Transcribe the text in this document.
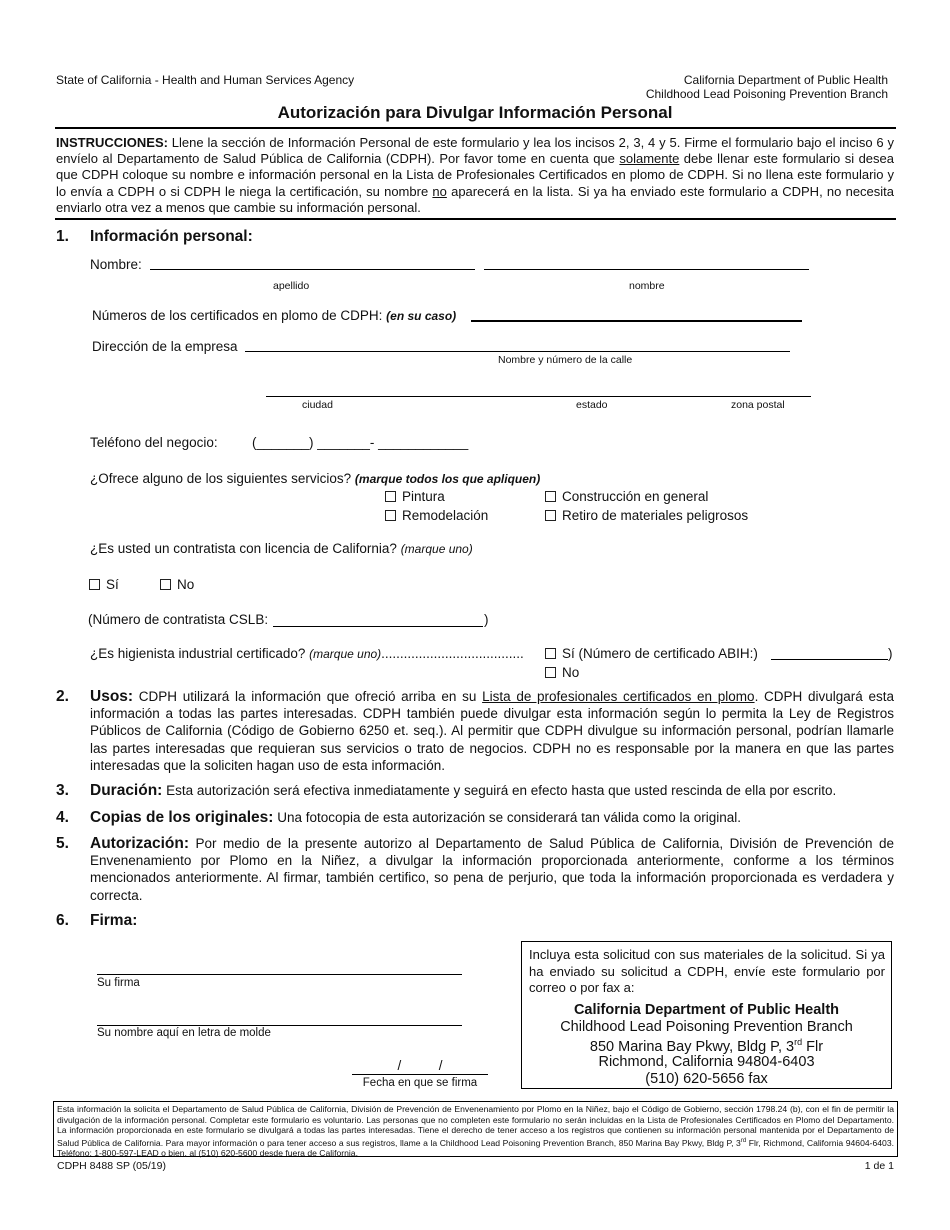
State of California - Health and Human Services Agency	California Department of Public Health
Childhood Lead Poisoning Prevention Branch
Autorización para Divulgar Información Personal
INSTRUCCIONES: Llene la sección de Información Personal de este formulario y lea los incisos 2, 3, 4 y 5. Firme el formulario bajo el inciso 6 y envíelo al Departamento de Salud Pública de California (CDPH). Por favor tome en cuenta que solamente debe llenar este formulario si desea que CDPH coloque su nombre e información personal en la Lista de Profesionales Certificados en plomo de CDPH. Si no llena este formulario y lo envía a CDPH o si CDPH le niega la certificación, su nombre no aparecerá en la lista. Si ya ha enviado este formulario a CDPH, no necesita enviarlo otra vez a menos que cambie su información personal.
1. Información personal:
Nombre:
apellido	nombre
Números de los certificados en plomo de CDPH: (en su caso)
Dirección de la empresa
Nombre y número de la calle
ciudad	estado	zona postal
Teléfono del negocio:	(_______) _______- ____________
¿Ofrece alguno de los siguientes servicios? (marque todos los que apliquen)
Pintura	Construcción en general
Remodelación	Retiro de materiales peligrosos
¿Es usted un contratista con licencia de California? (marque uno)
Sí	No
(Número de contratista CSLB:	)
¿Es higienista industrial certificado? (marque uno)......................................	Sí (Número de certificado ABIH:)	)
No
2. Usos: CDPH utilizará la información que ofreció arriba en su Lista de profesionales certificados en plomo. CDPH divulgará esta información a todas las partes interesadas. CDPH también puede divulgar esta información según lo permita la Ley de Registros Públicos de California (Código de Gobierno 6250 et. seq.). Al permitir que CDPH divulgue su información personal, podrían llamarle las partes interesadas que requieran sus servicios o trato de negocios. CDPH no es responsable por la manera en que las partes interesadas que la soliciten hagan uso de esta información.
3. Duración: Esta autorización será efectiva inmediatamente y seguirá en efecto hasta que usted rescinda de ella por escrito.
4. Copias de los originales: Una fotocopia de esta autorización se considerará tan válida como la original.
5. Autorización: Por medio de la presente autorizo al Departamento de Salud Pública de California, División de Prevención de Envenenamiento por Plomo en la Niñez, a divulgar la información proporcionada anteriormente, conforme a los términos mencionados anteriormente. Al firmar, también certifico, so pena de perjurio, que toda la información proporcionada es verdadera y correcta.
6. Firma:
Su firma
Su nombre aquí en letra de molde
/          /
Fecha en que se firma
Incluya esta solicitud con sus materiales de la solicitud. Si ya ha enviado su solicitud a CDPH, envíe este formulario por correo o por fax a:
California Department of Public Health
Childhood Lead Poisoning Prevention Branch
850 Marina Bay Pkwy, Bldg P, 3rd Flr
Richmond, California 94804-6403
(510) 620-5656 fax
Esta información la solicita el Departamento de Salud Pública de California, División de Prevención de Envenenamiento por Plomo en la Niñez, bajo el Código de Gobierno, sección 1798.24 (b), con el fin de permitir la divulgación de la información personal. Completar este formulario es voluntario. Las personas que no completen este formulario no serán incluidas en la Lista de Profesionales Certificados en Plomo del Departamento. La información proporcionada en este formulario se divulgará a todas las partes interesadas. Tiene el derecho de tener acceso a los registros que contienen su información personal mantenida por el Departamento de Salud Pública de California. Para mayor información o para tener acceso a sus registros, llame a la Childhood Lead Poisoning Prevention Branch, 850 Marina Bay Pkwy, Bldg P, 3rd Flr, Richmond, California 94604-6403. Teléfono: 1-800-597-LEAD o bien, al (510) 620-5600 desde fuera de California.
CDPH 8488 SP (05/19)	1 de 1
